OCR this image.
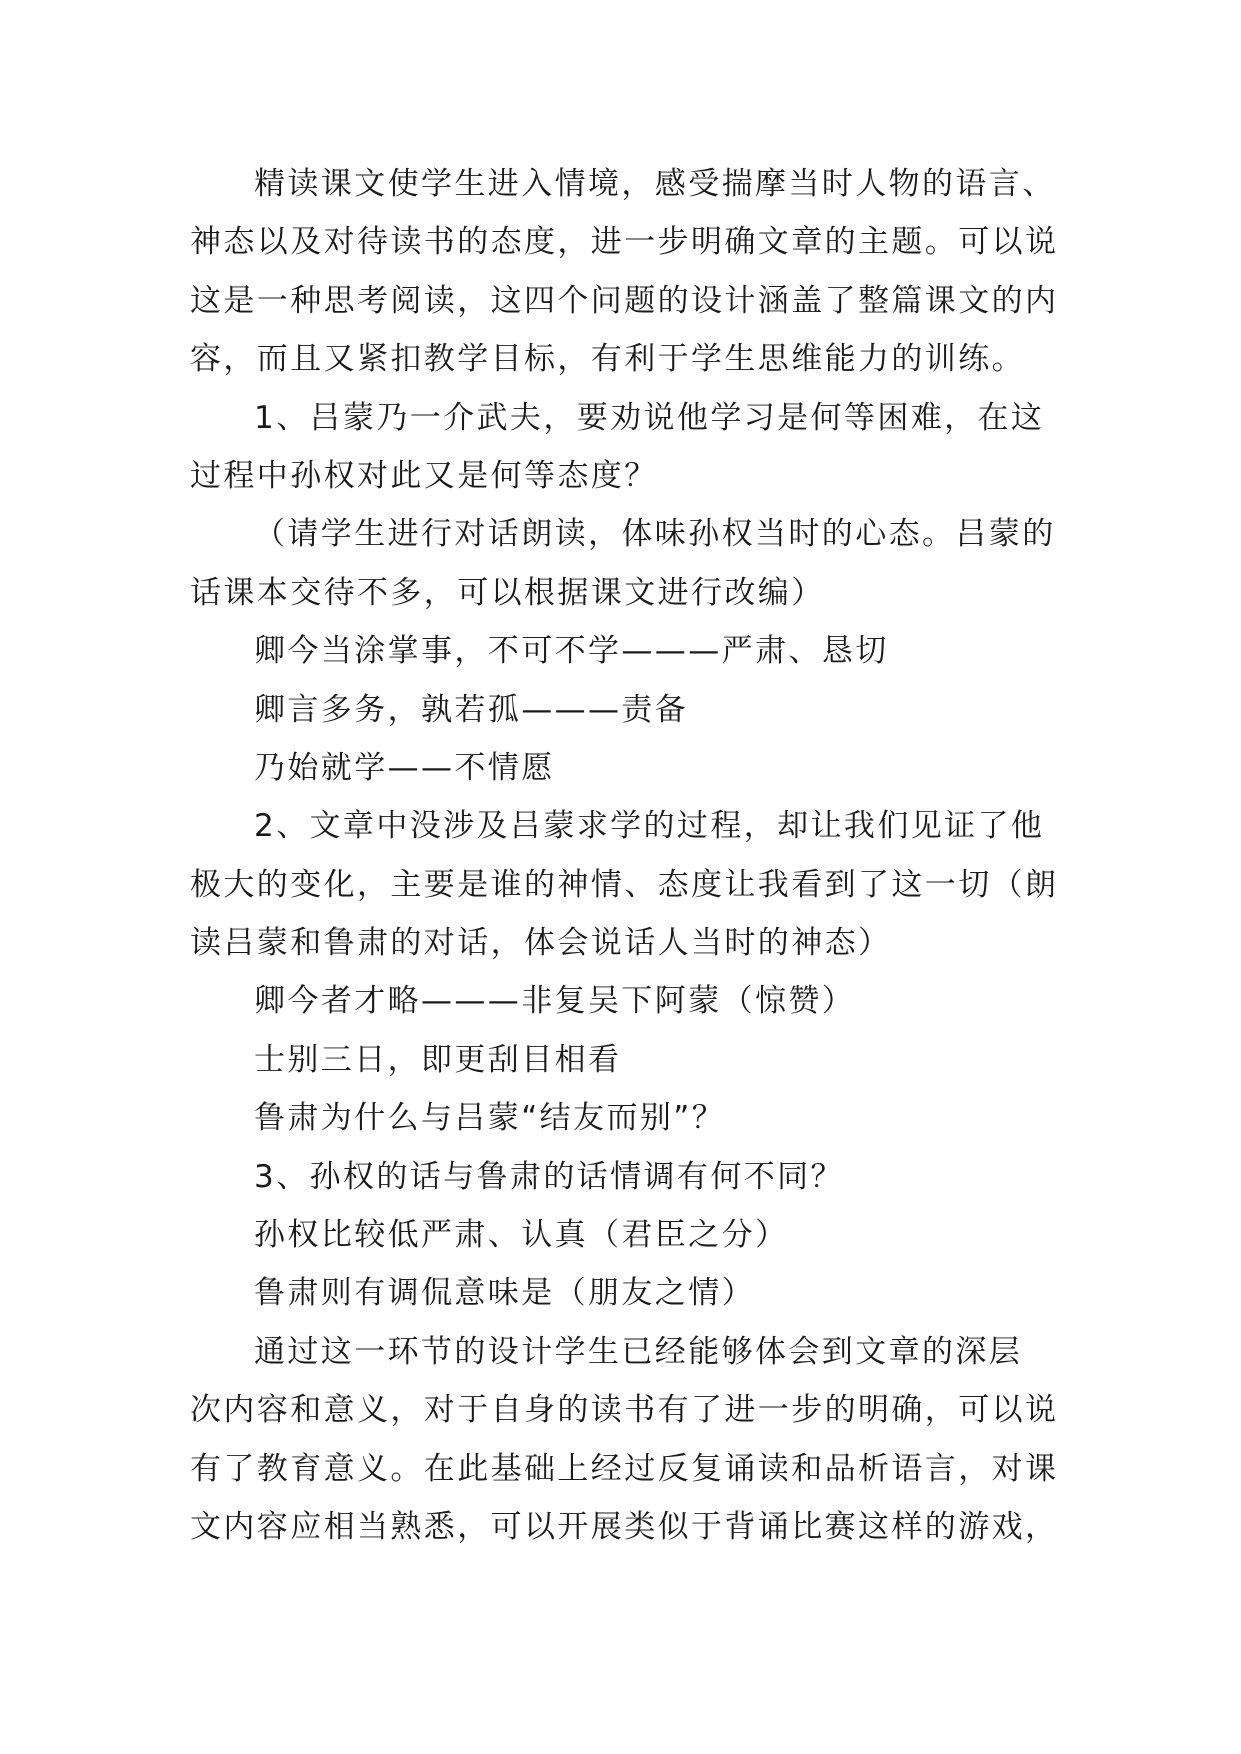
精读课文使学生进入情境，感受揣摩当时人物的语言、
神态以及对待读书的态度，进一步明确文章的主题。可以说
这是一种思考阅读，这四个问题的设计涵盖了整篇课文的内
容，而且又紧扣教学目标，有利于学生思维能力的训练。
1、吕蒙乃一介武夫，要劝说他学习是何等困难，在这
过程中孙权对此又是何等态度？
（请学生进行对话朗读，体味孙权当时的心态。吕蒙的
话课本交待不多，可以根据课文进行改编）
卿今当涂掌事，不可不学———严肃、恳切
卿言多务，孰若孤———责备
乃始就学——不情愿
2、文章中没涉及吕蒙求学的过程，却让我们见证了他
极大的变化，主要是谁的神情、态度让我看到了这一切（朗
读吕蒙和鲁肃的对话，体会说话人当时的神态）
卿今者才略———非复吴下阿蒙（惊赞）
士别三日，即更刮目相看
鲁肃为什么与吕蒙“结友而别”？
3、孙权的话与鲁肃的话情调有何不同？
孙权比较低严肃、认真（君臣之分）
鲁肃则有调侃意味是（朋友之情）
通过这一环节的设计学生已经能够体会到文章的深层
次内容和意义，对于自身的读书有了进一步的明确，可以说
有了教育意义。在此基础上经过反复诵读和品析语言，对课
文内容应相当熟悉，可以开展类似于背诵比赛这样的游戏，
